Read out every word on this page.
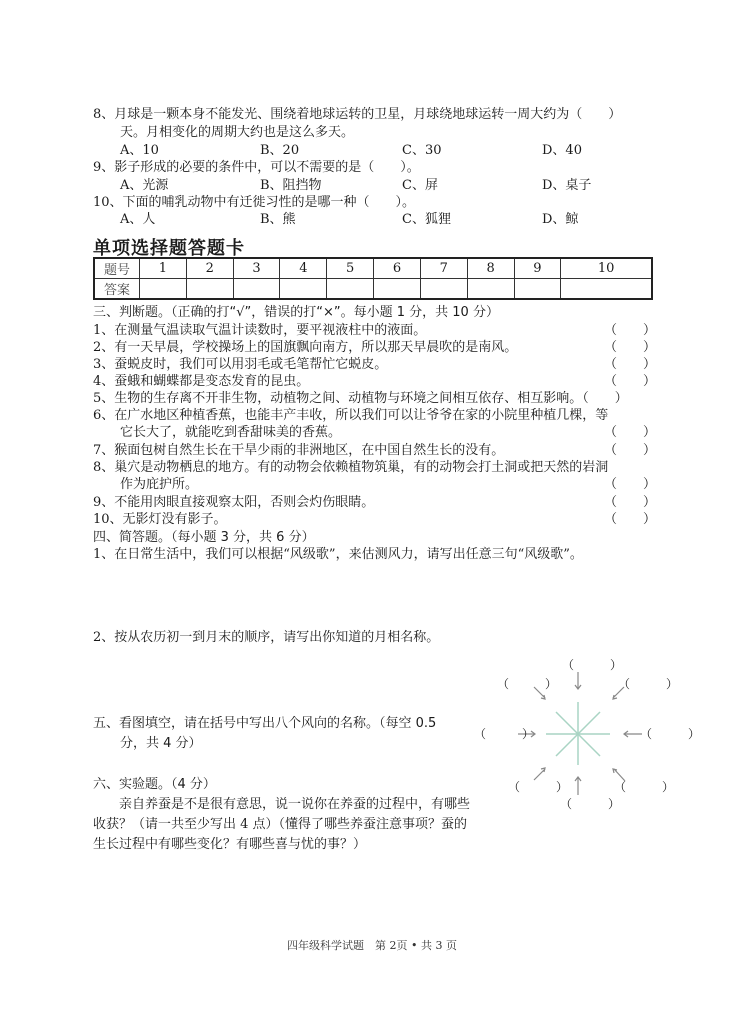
8、月球是一颗本身不能发光、围绕着地球运转的卫星，月球绕地球运转一周大约为（　　）
天。月相变化的周期大约也是这么多天。
A、10	B、20	C、30	D、40
9、影子形成的必要的条件中，可以不需要的是（　　）。
A、光源	B、阻挡物	C、屏	D、桌子
10、下面的哺乳动物中有迁徙习性的是哪一种（　　）。
A、人	B、熊	C、狐狸	D、鲸
单项选择题答题卡
题号	1	2	3	4	5	6	7	8	9	10
答案										
三、判断题。（正确的打“√”，错误的打“×”。每小题 1 分，共 10 分）
1、在测量气温读取气温计读数时，要平视液柱中的液面。	（　　）
2、有一天早晨，学校操场上的国旗飘向南方，所以那天早晨吹的是南风。	（　　）
3、蚕蜕皮时，我们可以用羽毛或毛笔帮忙它蜕皮。	（　　）
4、蚕蛾和蝴蝶都是变态发育的昆虫。	（　　）
5、生物的生存离不开非生物，动植物之间、动植物与环境之间相互依存、相互影响。（　　）
6、在广水地区种植香蕉，也能丰产丰收，所以我们可以让爷爷在家的小院里种植几棵，等
它长大了，就能吃到香甜味美的香蕉。	（　　）
7、猴面包树自然生长在干旱少雨的非洲地区，在中国自然生长的没有。	（　　）
8、巢穴是动物栖息的地方。有的动物会依赖植物筑巢，有的动物会打土洞或把天然的岩洞
作为庇护所。	（　　）
9、不能用肉眼直接观察太阳，否则会灼伤眼睛。	（　　）
10、无影灯没有影子。	（　　）
四、简答题。（每小题 3 分，共 6 分）
1、在日常生活中，我们可以根据“风级歌”，来估测风力，请写出任意三句“风级歌”。
2、按从农历初一到月末的顺序，请写出你知道的月相名称。
五、看图填空，请在括号中写出八个风向的名称。（每空 0.5
分，共 4 分）
（　　　）
（　　　）	（　　　）
（　　　）	（　　　）
（　　　）	（　　　）
（　　　）
六、实验题。（4 分）
亲自养蚕是不是很有意思，说一说你在养蚕的过程中，有哪些收获？（请一共至少写出 4 点）（懂得了哪些养蚕注意事项？蚕的生长过程中有哪些变化？有哪些喜与忧的事？）
四年级科学试题　第 2页 • 共 3 页
